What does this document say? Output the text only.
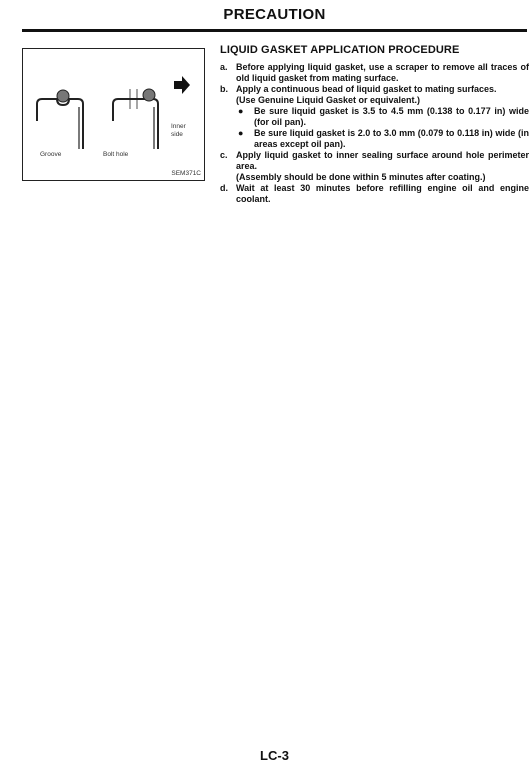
PRECAUTION
Inner side
Groove	Bolt hole
SEM371C
LIQUID GASKET APPLICATION PROCEDURE
a. Before applying liquid gasket, use a scraper to remove all traces of old liquid gasket from mating surface.
b. Apply a continuous bead of liquid gasket to mating surfaces.
(Use Genuine Liquid Gasket or equivalent.)
● Be sure liquid gasket is 3.5 to 4.5 mm (0.138 to 0.177 in) wide (for oil pan).
● Be sure liquid gasket is 2.0 to 3.0 mm (0.079 to 0.118 in) wide (in areas except oil pan).
c. Apply liquid gasket to inner sealing surface around hole perimeter area.
(Assembly should be done within 5 minutes after coating.)
d. Wait at least 30 minutes before refilling engine oil and engine coolant.
LC-3
